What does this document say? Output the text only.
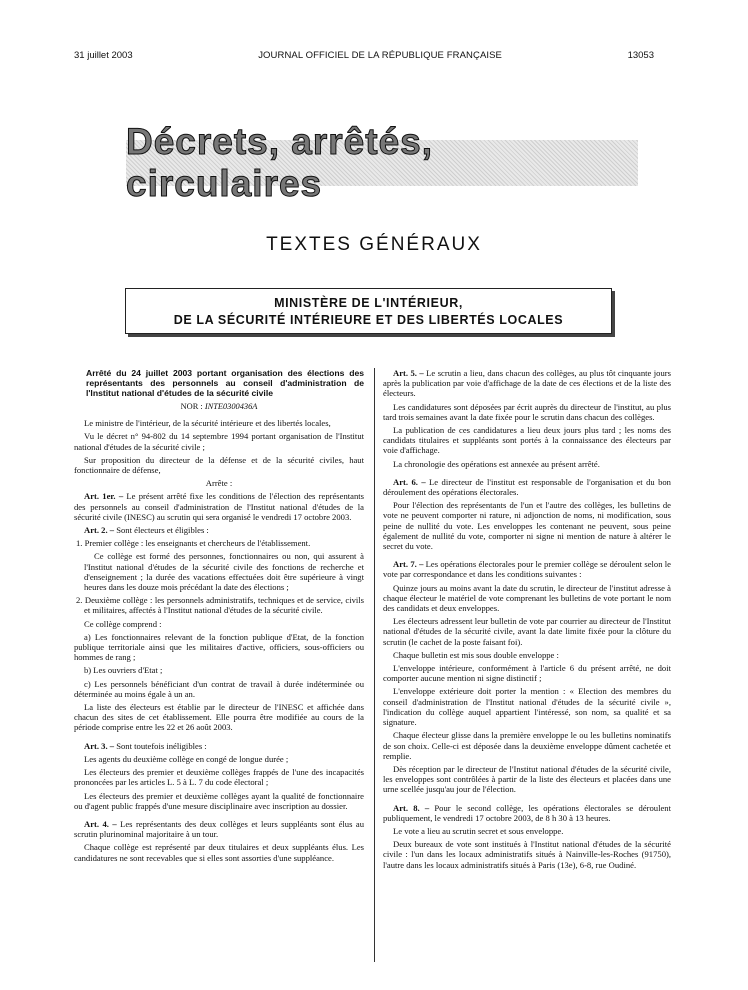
31 juillet 2003	JOURNAL OFFICIEL DE LA RÉPUBLIQUE FRANÇAISE	13053
Décrets, arrêtés, circulaires
TEXTES GÉNÉRAUX
MINISTÈRE DE L'INTÉRIEUR,
DE LA SÉCURITÉ INTÉRIEURE ET DES LIBERTÉS LOCALES

Arrêté du 24 juillet 2003 portant organisation des élections des représentants des personnels au conseil d'administration de l'Institut national d'études de la sécurité civile

NOR : INTE0300436A

Le ministre de l'intérieur, de la sécurité intérieure et des libertés locales,

Vu le décret n° 94-802 du 14 septembre 1994 portant organisation de l'Institut national d'études de la sécurité civile ;

Sur proposition du directeur de la défense et de la sécurité civiles, haut fonctionnaire de défense,

Arrête :

Art. 1er. – Le présent arrêté fixe les conditions de l'élection des représentants des personnels au conseil d'administration de l'Institut national d'études de la sécurité civile (INESC) au scrutin qui sera organisé le vendredi 17 octobre 2003.

Art. 2. – Sont électeurs et éligibles :

1. Premier collège : les enseignants et chercheurs de l'établissement.

Ce collège est formé des personnes, fonctionnaires ou non, qui assurent à l'Institut national d'études de la sécurité civile des fonctions de recherche et d'enseignement ; la durée des vacations effectuées doit être supérieure à vingt heures dans les douze mois précédant la date des élections ;

2. Deuxième collège : les personnels administratifs, techniques et de service, civils et militaires, affectés à l'Institut national d'études de la sécurité civile.

Ce collège comprend :

a) Les fonctionnaires relevant de la fonction publique d'Etat, de la fonction publique territoriale ainsi que les militaires d'active, officiers, sous-officiers ou hommes de rang ;

b) Les ouvriers d'Etat ;

c) Les personnels bénéficiant d'un contrat de travail à durée indéterminée ou déterminée au moins égale à un an.

La liste des électeurs est établie par le directeur de l'INESC et affichée dans chacun des sites de cet établissement. Elle pourra être modifiée au cours de la période comprise entre les 22 et 26 août 2003.

Art. 3. – Sont toutefois inéligibles :

Les agents du deuxième collège en congé de longue durée ;

Les électeurs des premier et deuxième collèges frappés de l'une des incapacités prononcées par les articles L. 5 à L. 7 du code électoral ;

Les électeurs des premier et deuxième collèges ayant la qualité de fonctionnaire ou d'agent public frappés d'une mesure disciplinaire avec inscription au dossier.

Art. 4. – Les représentants des deux collèges et leurs suppléants sont élus au scrutin plurinominal majoritaire à un tour.

Chaque collège est représenté par deux titulaires et deux suppléants élus. Les candidatures ne sont recevables que si elles sont assorties d'une suppléance.

Art. 5. – Le scrutin a lieu, dans chacun des collèges, au plus tôt cinquante jours après la publication par voie d'affichage de la date de ces élections et de la liste des électeurs.

Les candidatures sont déposées par écrit auprès du directeur de l'institut, au plus tard trois semaines avant la date fixée pour le scrutin dans chacun des collèges.

La publication de ces candidatures a lieu deux jours plus tard ; les noms des candidats titulaires et suppléants sont portés à la connaissance des électeurs par voie d'affichage.

La chronologie des opérations est annexée au présent arrêté.

Art. 6. – Le directeur de l'institut est responsable de l'organisation et du bon déroulement des opérations électorales.

Pour l'élection des représentants de l'un et l'autre des collèges, les bulletins de vote ne peuvent comporter ni rature, ni adjonction de noms, ni modification, sous peine de nullité du vote. Les enveloppes les contenant ne peuvent, sous peine également de nullité du vote, comporter ni signe ni mention de nature à altérer le secret du vote.

Art. 7. – Les opérations électorales pour le premier collège se déroulent selon le vote par correspondance et dans les conditions suivantes :

Quinze jours au moins avant la date du scrutin, le directeur de l'institut adresse à chaque électeur le matériel de vote comprenant les bulletins de vote portant le nom des candidats et deux enveloppes.

Les électeurs adressent leur bulletin de vote par courrier au directeur de l'Institut national d'études de la sécurité civile, avant la date limite fixée pour la clôture du scrutin (le cachet de la poste faisant foi).

Chaque bulletin est mis sous double enveloppe :

L'enveloppe intérieure, conformément à l'article 6 du présent arrêté, ne doit comporter aucune mention ni signe distinctif ;

L'enveloppe extérieure doit porter la mention : « Election des membres du conseil d'administration de l'Institut national d'études de la sécurité civile », l'indication du collège auquel appartient l'intéressé, son nom, sa qualité et sa signature.

Chaque électeur glisse dans la première enveloppe le ou les bulletins nominatifs de son choix. Celle-ci est déposée dans la deuxième enveloppe dûment cachetée et remplie.

Dès réception par le directeur de l'Institut national d'études de la sécurité civile, les enveloppes sont contrôlées à partir de la liste des électeurs et placées dans une urne scellée jusqu'au jour de l'élection.

Art. 8. – Pour le second collège, les opérations électorales se déroulent publiquement, le vendredi 17 octobre 2003, de 8 h 30 à 13 heures.

Le vote a lieu au scrutin secret et sous enveloppe.

Deux bureaux de vote sont institués à l'Institut national d'études de la sécurité civile : l'un dans les locaux administratifs situés à Nainville-les-Roches (91750), l'autre dans les locaux administratifs situés à Paris (13e), 6-8, rue Oudiné.
